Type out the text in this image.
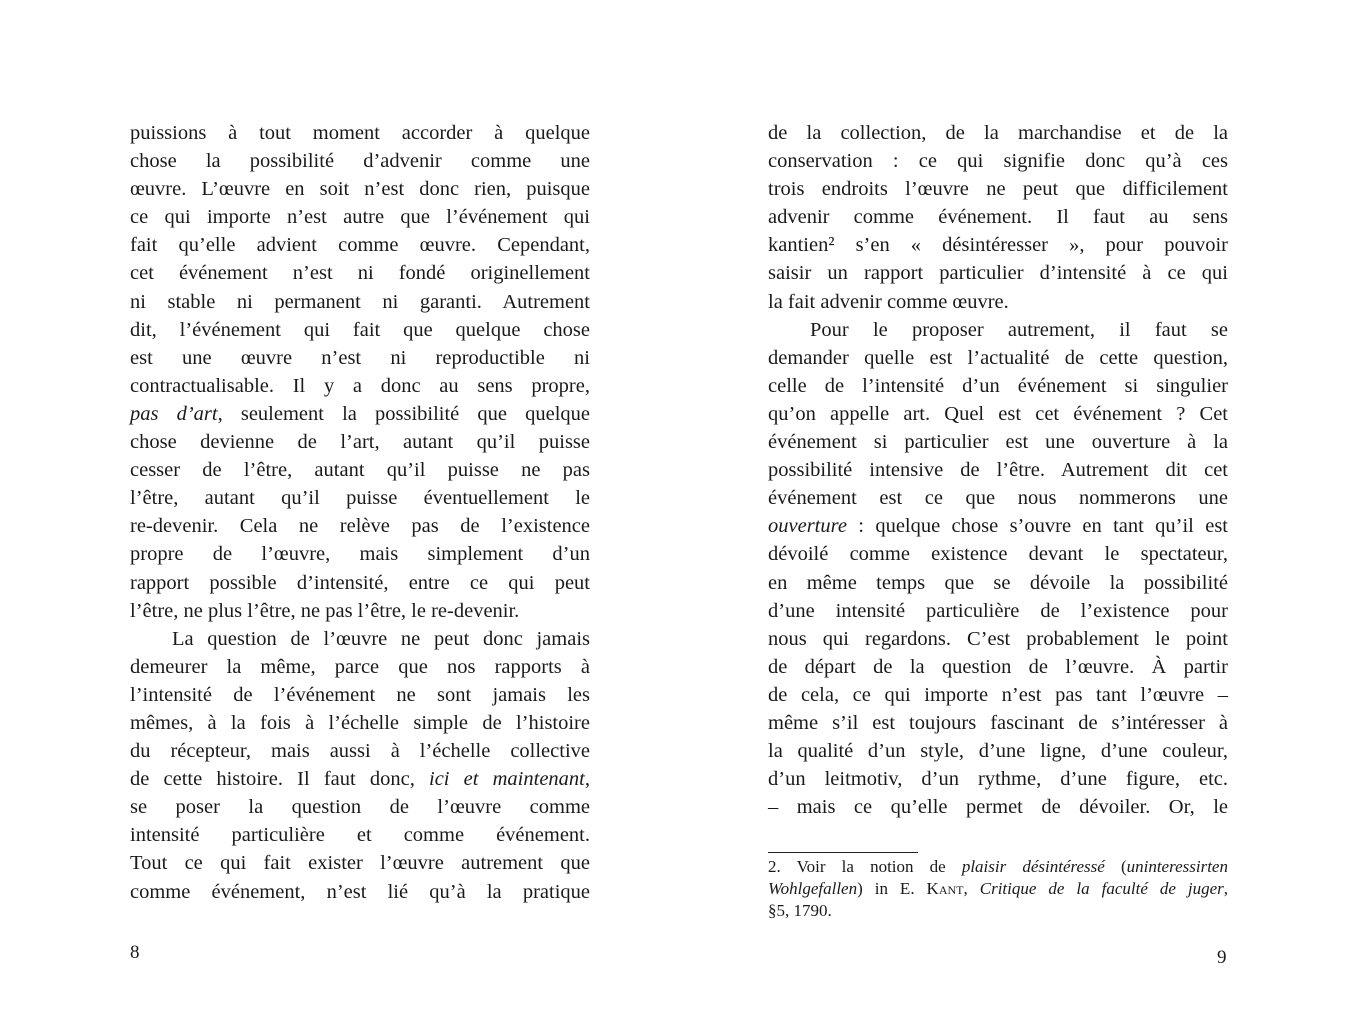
puissions à tout moment accorder à quelque
chose la possibilité d’advenir comme une
œuvre. L’œuvre en soit n’est donc rien, puisque
ce qui importe n’est autre que l’événement qui
fait qu’elle advient comme œuvre. Cependant,
cet événement n’est ni fondé originellement
ni stable ni permanent ni garanti. Autrement
dit, l’événement qui fait que quelque chose
est une œuvre n’est ni reproductible ni
contractualisable. Il y a donc au sens propre,
pas d’art, seulement la possibilité que quelque
chose devienne de l’art, autant qu’il puisse
cesser de l’être, autant qu’il puisse ne pas
l’être, autant qu’il puisse éventuellement le
re-devenir. Cela ne relève pas de l’existence
propre de l’œuvre, mais simplement d’un
rapport possible d’intensité, entre ce qui peut
l’être, ne plus l’être, ne pas l’être, le re-devenir.
La question de l’œuvre ne peut donc jamais
demeurer la même, parce que nos rapports à
l’intensité de l’événement ne sont jamais les
mêmes, à la fois à l’échelle simple de l’histoire
du récepteur, mais aussi à l’échelle collective
de cette histoire. Il faut donc, ici et maintenant,
se poser la question de l’œuvre comme
intensité particulière et comme événement.
Tout ce qui fait exister l’œuvre autrement que
comme événement, n’est lié qu’à la pratique
de la collection, de la marchandise et de la
conservation : ce qui signifie donc qu’à ces
trois endroits l’œuvre ne peut que difficilement
advenir comme événement. Il faut au sens
kantien² s’en « désintéresser », pour pouvoir
saisir un rapport particulier d’intensité à ce qui
la fait advenir comme œuvre.
Pour le proposer autrement, il faut se
demander quelle est l’actualité de cette question,
celle de l’intensité d’un événement si singulier
qu’on appelle art. Quel est cet événement ? Cet
événement si particulier est une ouverture à la
possibilité intensive de l’être. Autrement dit cet
événement est ce que nous nommerons une
ouverture : quelque chose s’ouvre en tant qu’il est
dévoilé comme existence devant le spectateur,
en même temps que se dévoile la possibilité
d’une intensité particulière de l’existence pour
nous qui regardons. C’est probablement le point
de départ de la question de l’œuvre. À partir
de cela, ce qui importe n’est pas tant l’œuvre –
même s’il est toujours fascinant de s’intéresser à
la qualité d’un style, d’une ligne, d’une couleur,
d’un leitmotiv, d’un rythme, d’une figure, etc.
– mais ce qu’elle permet de dévoiler. Or, le
2. Voir la notion de plaisir désintéressé (uninteressirten
Wohlgefallen) in E. Kant, Critique de la faculté de juger,
§5, 1790.
8	9
